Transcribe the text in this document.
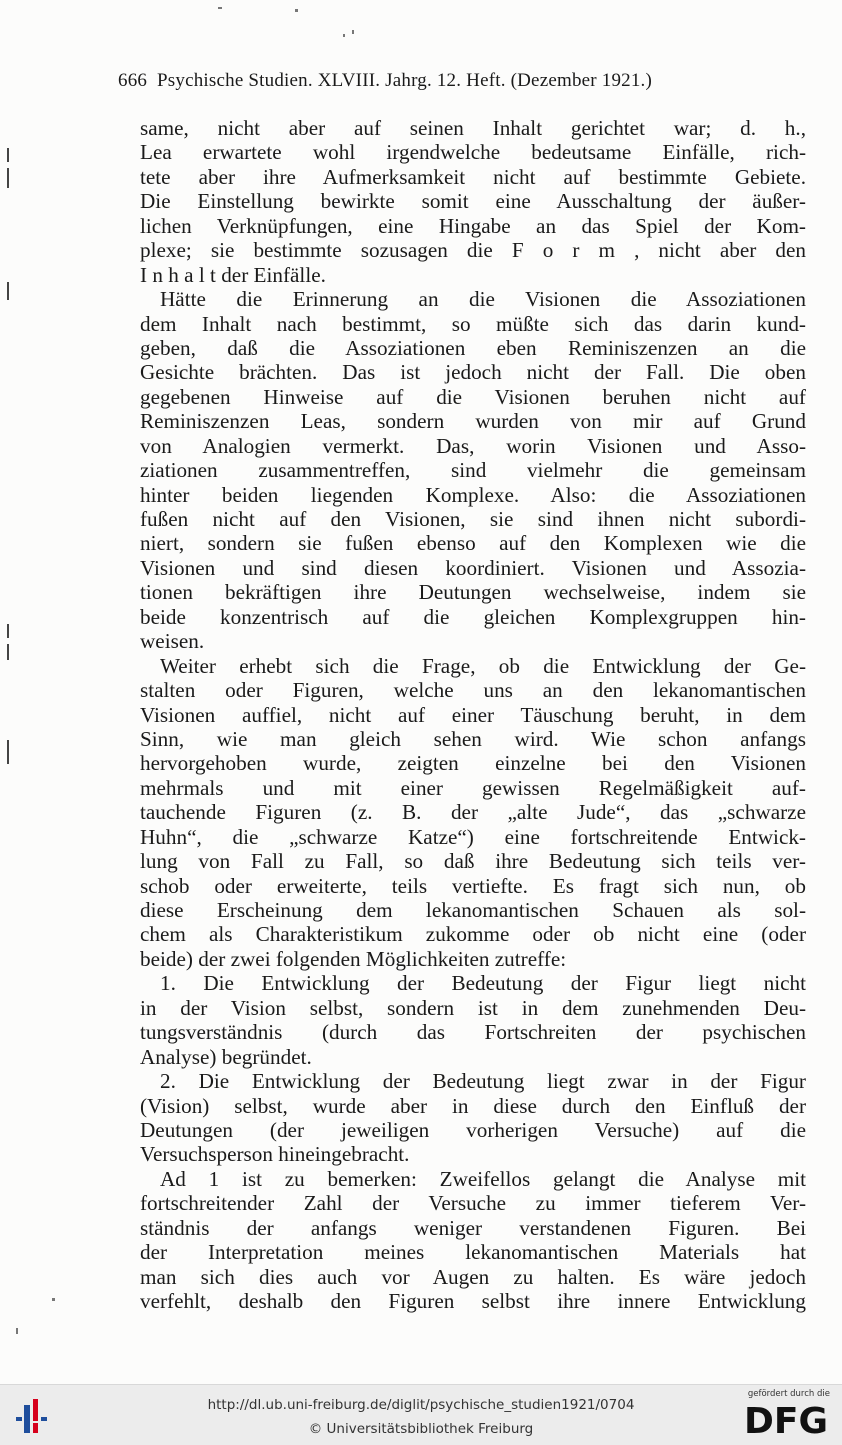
666 Psychische Studien. XLVIII. Jahrg. 12. Heft. (Dezember 1921.)
same, nicht aber auf seinen Inhalt gerichtet war; d. h.,
Lea erwartete wohl irgendwelche bedeutsame Einfälle, rich-
tete aber ihre Aufmerksamkeit nicht auf bestimmte Gebiete.
Die Einstellung bewirkte somit eine Ausschaltung der äußer-
lichen Verknüpfungen, eine Hingabe an das Spiel der Kom-
plexe; sie bestimmte sozusagen die F o r m , nicht aber den
I n h a l t der Einfälle.
Hätte die Erinnerung an die Visionen die Assoziationen
dem Inhalt nach bestimmt, so müßte sich das darin kund-
geben, daß die Assoziationen eben Reminiszenzen an die
Gesichte brächten. Das ist jedoch nicht der Fall. Die oben
gegebenen Hinweise auf die Visionen beruhen nicht auf
Reminiszenzen Leas, sondern wurden von mir auf Grund
von Analogien vermerkt. Das, worin Visionen und Asso-
ziationen zusammentreffen, sind vielmehr die gemeinsam
hinter beiden liegenden Komplexe. Also: die Assoziationen
fußen nicht auf den Visionen, sie sind ihnen nicht subordi-
niert, sondern sie fußen ebenso auf den Komplexen wie die
Visionen und sind diesen koordiniert. Visionen und Assozia-
tionen bekräftigen ihre Deutungen wechselweise, indem sie
beide konzentrisch auf die gleichen Komplexgruppen hin-
weisen.
Weiter erhebt sich die Frage, ob die Entwicklung der Ge-
stalten oder Figuren, welche uns an den lekanomantischen
Visionen auffiel, nicht auf einer Täuschung beruht, in dem
Sinn, wie man gleich sehen wird. Wie schon anfangs
hervorgehoben wurde, zeigten einzelne bei den Visionen
mehrmals und mit einer gewissen Regelmäßigkeit auf-
tauchende Figuren (z. B. der „alte Jude“, das „schwarze
Huhn“, die „schwarze Katze“) eine fortschreitende Entwick-
lung von Fall zu Fall, so daß ihre Bedeutung sich teils ver-
schob oder erweiterte, teils vertiefte. Es fragt sich nun, ob
diese Erscheinung dem lekanomantischen Schauen als sol-
chem als Charakteristikum zukomme oder ob nicht eine (oder
beide) der zwei folgenden Möglichkeiten zutreffe:
1. Die Entwicklung der Bedeutung der Figur liegt nicht
in der Vision selbst, sondern ist in dem zunehmenden Deu-
tungsverständnis (durch das Fortschreiten der psychischen
Analyse) begründet.
2. Die Entwicklung der Bedeutung liegt zwar in der Figur
(Vision) selbst, wurde aber in diese durch den Einfluß der
Deutungen (der jeweiligen vorherigen Versuche) auf die
Versuchsperson hineingebracht.
Ad 1 ist zu bemerken: Zweifellos gelangt die Analyse mit
fortschreitender Zahl der Versuche zu immer tieferem Ver-
ständnis der anfangs weniger verstandenen Figuren. Bei
der Interpretation meines lekanomantischen Materials hat
man sich dies auch vor Augen zu halten. Es wäre jedoch
verfehlt, deshalb den Figuren selbst ihre innere Entwicklung
http://dl.ub.uni-freiburg.de/diglit/psychische_studien1921/0704
© Universitätsbibliothek Freiburg
gefördert durch die
DFG
